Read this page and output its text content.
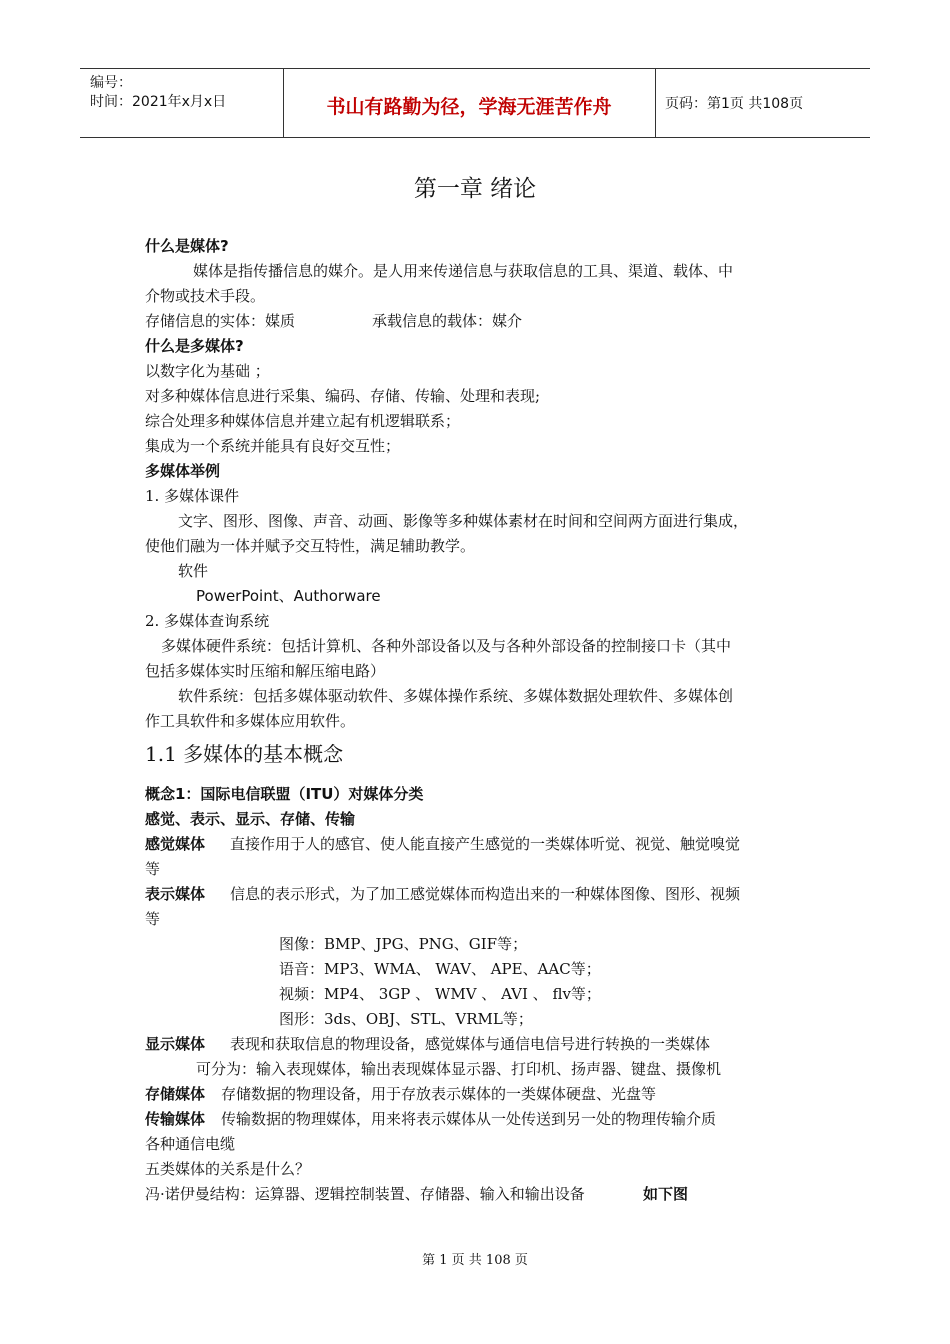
编号：
时间：2021年x月x日	书山有路勤为径，学海无涯苦作舟	页码：第1页 共108页
第一章 绪论
什么是媒体?
媒体是指传播信息的媒介。是人用来传递信息与获取信息的工具、渠道、载体、中
介物或技术手段。
存储信息的实体：媒质	承载信息的载体：媒介
什么是多媒体?
以数字化为基础 ；
对多种媒体信息进行采集、编码、存储、传输、处理和表现;
综合处理多种媒体信息并建立起有机逻辑联系；
集成为一个系统并能具有良好交互性；
多媒体举例
1. 多媒体课件
文字、图形、图像、声音、动画、影像等多种媒体素材在时间和空间两方面进行集成，
使他们融为一体并赋予交互特性，满足辅助教学。
软件
PowerPoint、Authorware
2. 多媒体查询系统
多媒体硬件系统：包括计算机、各种外部设备以及与各种外部设备的控制接口卡（其中
包括多媒体实时压缩和解压缩电路）
软件系统：包括多媒体驱动软件、多媒体操作系统、多媒体数据处理软件、多媒体创
作工具软件和多媒体应用软件。
1.1 多媒体的基本概念
概念1：国际电信联盟（ITU）对媒体分类
感觉、表示、显示、存储、传输
感觉媒体 直接作用于人的感官、使人能直接产生感觉的一类媒体听觉、视觉、触觉嗅觉
等
表示媒体 信息的表示形式，为了加工感觉媒体而构造出来的一种媒体图像、图形、视频
等
图像：BMP、JPG、PNG、GIF等；
语音：MP3、WMA、 WAV、 APE、AAC等；
视频：MP4、 3GP 、 WMV 、 AVI 、 flv等；
图形：3ds、OBJ、STL、VRML等；
显示媒体 表现和获取信息的物理设备，感觉媒体与通信电信号进行转换的一类媒体
可分为：输入表现媒体，输出表现媒体显示器、打印机、扬声器、键盘、摄像机
存储媒体 存储数据的物理设备，用于存放表示媒体的一类媒体硬盘、光盘等
传输媒体 传输数据的物理媒体，用来将表示媒体从一处传送到另一处的物理传输介质
各种通信电缆
五类媒体的关系是什么？
冯·诺伊曼结构：运算器、逻辑控制装置、存储器、输入和输出设备	如下图
第 1 页 共 108 页
